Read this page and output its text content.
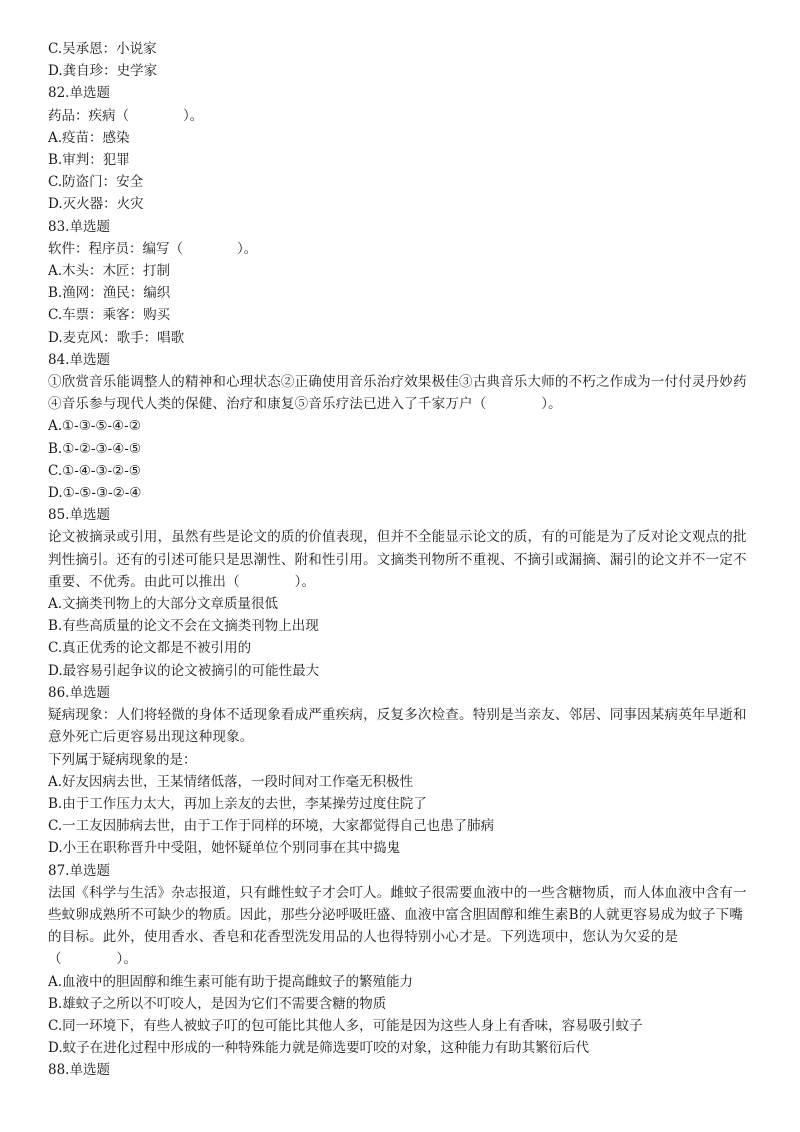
C.吴承恩：小说家
D.龚自珍：史学家
82.单选题
药品：疾病（　　　　）。
A.疫苗：感染
B.审判：犯罪
C.防盗门：安全
D.灭火器：火灾
83.单选题
软件：程序员：编写（　　　　）。
A.木头：木匠：打制
B.渔网：渔民：编织
C.车票：乘客：购买
D.麦克风：歌手：唱歌
84.单选题
①欣赏音乐能调整人的精神和心理状态②正确使用音乐治疗效果极佳③古典音乐大师的不朽之作成为一付付灵丹妙药④音乐参与现代人类的保健、治疗和康复⑤音乐疗法已进入了千家万户（　　　　）。
A.①-③-⑤-④-②
B.①-②-③-④-⑤
C.①-④-③-②-⑤
D.①-⑤-③-②-④
85.单选题
论文被摘录或引用，虽然有些是论文的质的价值表现，但并不全能显示论文的质，有的可能是为了反对论文观点的批判性摘引。还有的引述可能只是思潮性、附和性引用。文摘类刊物所不重视、不摘引或漏摘、漏引的论文并不一定不重要、不优秀。由此可以推出（　　　　）。
A.文摘类刊物上的大部分文章质量很低
B.有些高质量的论文不会在文摘类刊物上出现
C.真正优秀的论文都是不被引用的
D.最容易引起争议的论文被摘引的可能性最大
86.单选题
疑病现象：人们将轻微的身体不适现象看成严重疾病，反复多次检查。特别是当亲友、邻居、同事因某病英年早逝和意外死亡后更容易出现这种现象。
下列属于疑病现象的是：
A.好友因病去世，王某情绪低落，一段时间对工作毫无积极性
B.由于工作压力太大，再加上亲友的去世，李某操劳过度住院了
C.一工友因肺病去世，由于工作于同样的环境，大家都觉得自己也患了肺病
D.小王在职称晋升中受阻，她怀疑单位个别同事在其中捣鬼
87.单选题
法国《科学与生活》杂志报道，只有雌性蚊子才会叮人。雌蚊子很需要血液中的一些含糖物质，而人体血液中含有一些蚊卵成熟所不可缺少的物质。因此，那些分泌呼吸旺盛、血液中富含胆固醇和维生素B的人就更容易成为蚊子下嘴的目标。此外，使用香水、香皂和花香型洗发用品的人也得特别小心才是。下列选项中，您认为欠妥的是（　　　　）。
A.血液中的胆固醇和维生素可能有助于提高雌蚊子的繁殖能力
B.雄蚊子之所以不叮咬人，是因为它们不需要含糖的物质
C.同一环境下，有些人被蚊子叮的包可能比其他人多，可能是因为这些人身上有香味，容易吸引蚊子
D.蚊子在进化过程中形成的一种特殊能力就是筛选要叮咬的对象，这种能力有助其繁衍后代
88.单选题
